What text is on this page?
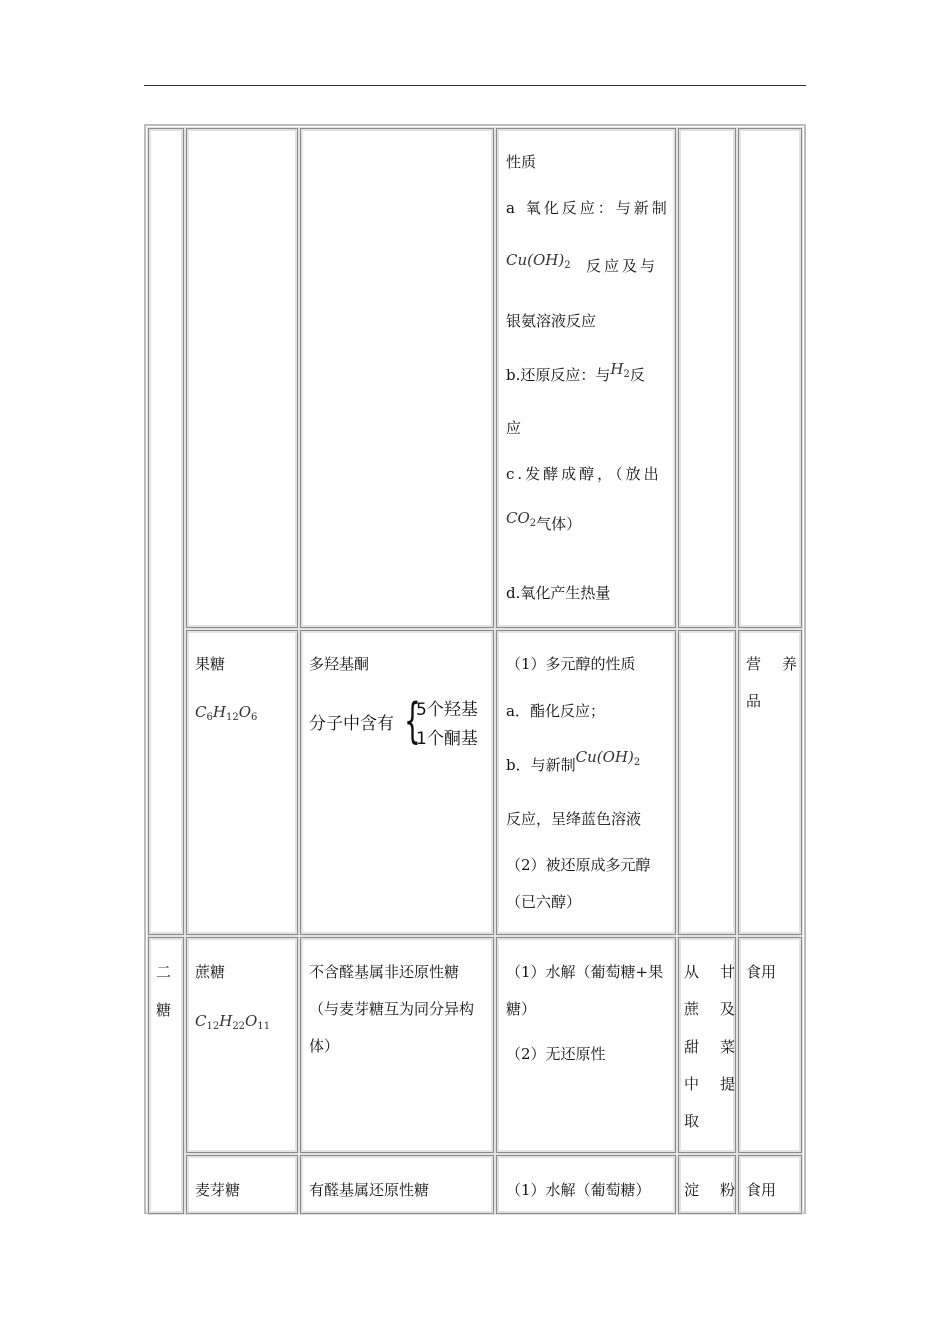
性质
a 氧化反应：与新制
$Cu(OH)_2$ 反应及与
银氨溶液反应
b.还原反应：与$H_2$反
应
c.发酵成醇，（放出
$CO_2$气体）
d.氧化产生热量
果糖
$C_6H_{12}O_6$
多羟基酮
分子中含有 {
5个羟基
1个酮基
（1）多元醇的性质
a．酯化反应；
b．与新制$Cu(OH)_2$
反应，呈绛蓝色溶液
（2）被还原成多元醇
（已六醇）
营　养
品
二
糖
蔗糖
$C_{12}H_{22}O_{11}$
不含醛基属非还原性糖
（与麦芽糖互为同分异构
体）
（1）水解（葡萄糖+果
糖）
（2）无还原性
从　甘
蔗　及
甜　菜
中　提
取
食用
麦芽糖	有醛基属还原性糖	（1）水解（葡萄糖） 淀　粉 食用
